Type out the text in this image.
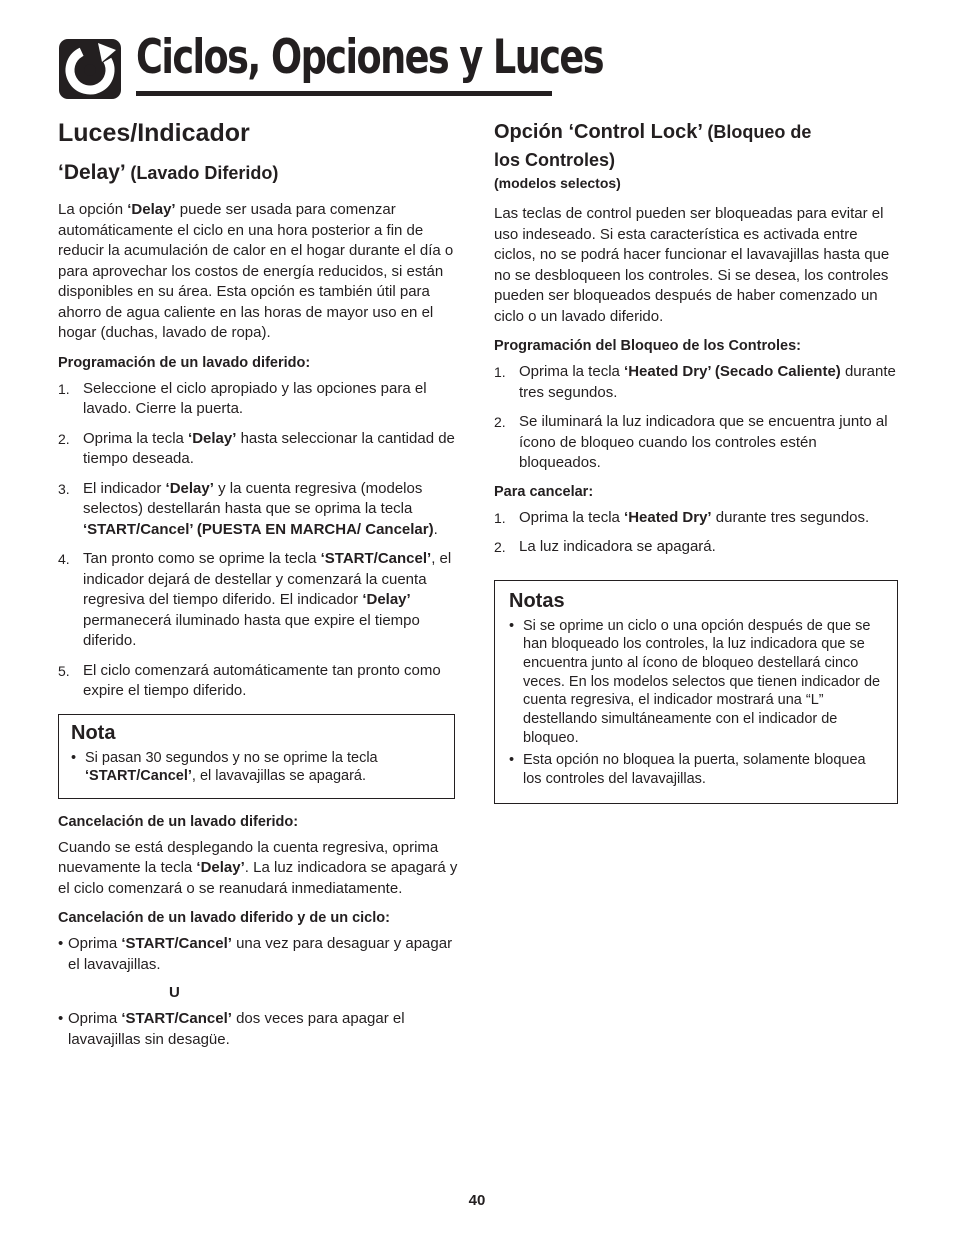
Ciclos, Opciones y Luces
Luces/Indicador
‘Delay’ (Lavado Diferido)

La opción ‘Delay’ puede ser usada para comenzar automáticamente el ciclo en una hora posterior a fin de reducir la acumulación de calor en el hogar durante el día o para aprovechar los costos de energía reducidos, si están disponibles en su área. Esta opción es también útil para ahorro de agua caliente en las horas de mayor uso en el hogar (duchas, lavado de ropa).

Programación de un lavado diferido:

1. Seleccione el ciclo apropiado y las opciones para el lavado. Cierre la puerta.
2. Oprima la tecla ‘Delay’ hasta seleccionar la cantidad de tiempo deseada.
3. El indicador ‘Delay’ y la cuenta regresiva (modelos selectos) destellarán hasta que se oprima la tecla ‘START/Cancel’ (PUESTA EN MARCHA/ Cancelar).
4. Tan pronto como se oprime la tecla ‘START/Cancel’, el indicador dejará de destellar y comenzará la cuenta regresiva del tiempo diferido. El indicador ‘Delay’ permanecerá iluminado hasta que expire el tiempo diferido.
5. El ciclo comenzará automáticamente tan pronto como expire el tiempo diferido.
Nota
• Si pasan 30 segundos y no se oprime la tecla ‘START/Cancel’, el lavavajillas se apagará.

Cancelación de un lavado diferido:

Cuando se está desplegando la cuenta regresiva, oprima nuevamente la tecla ‘Delay’. La luz indicadora se apagará y el ciclo comenzará o se reanudará inmediatamente.

Cancelación de un lavado diferido y de un ciclo:

• Oprima ‘START/Cancel’ una vez para desaguar y apagar el lavavajillas.
U
• Oprima ‘START/Cancel’ dos veces para apagar el lavavajillas sin desagüe.
Opción ‘Control Lock’ (Bloqueo de
los Controles)

(modelos selectos)

Las teclas de control pueden ser bloqueadas para evitar el uso indeseado. Si esta característica es activada entre ciclos, no se podrá hacer funcionar el lavavajillas hasta que no se desbloqueen los controles. Si se desea, los controles pueden ser bloqueados después de haber comenzado un ciclo o un lavado diferido.

Programación del Bloqueo de los Controles:

1. Oprima la tecla ‘Heated Dry’ (Secado Caliente) durante tres segundos.
2. Se iluminará la luz indicadora que se encuentra junto al ícono de bloqueo cuando los controles estén bloqueados.

Para cancelar:

1. Oprima la tecla ‘Heated Dry’ durante tres segundos.
2. La luz indicadora se apagará.
Notas
• Si se oprime un ciclo o una opción después de que se han bloqueado los controles, la luz indicadora que se encuentra junto al ícono de bloqueo destellará cinco veces. En los modelos selectos que tienen indicador de cuenta regresiva, el indicador mostrará una “L” destellando simultáneamente con el indicador de bloqueo.
• Esta opción no bloquea la puerta, solamente bloquea los controles del lavavajillas.
40
